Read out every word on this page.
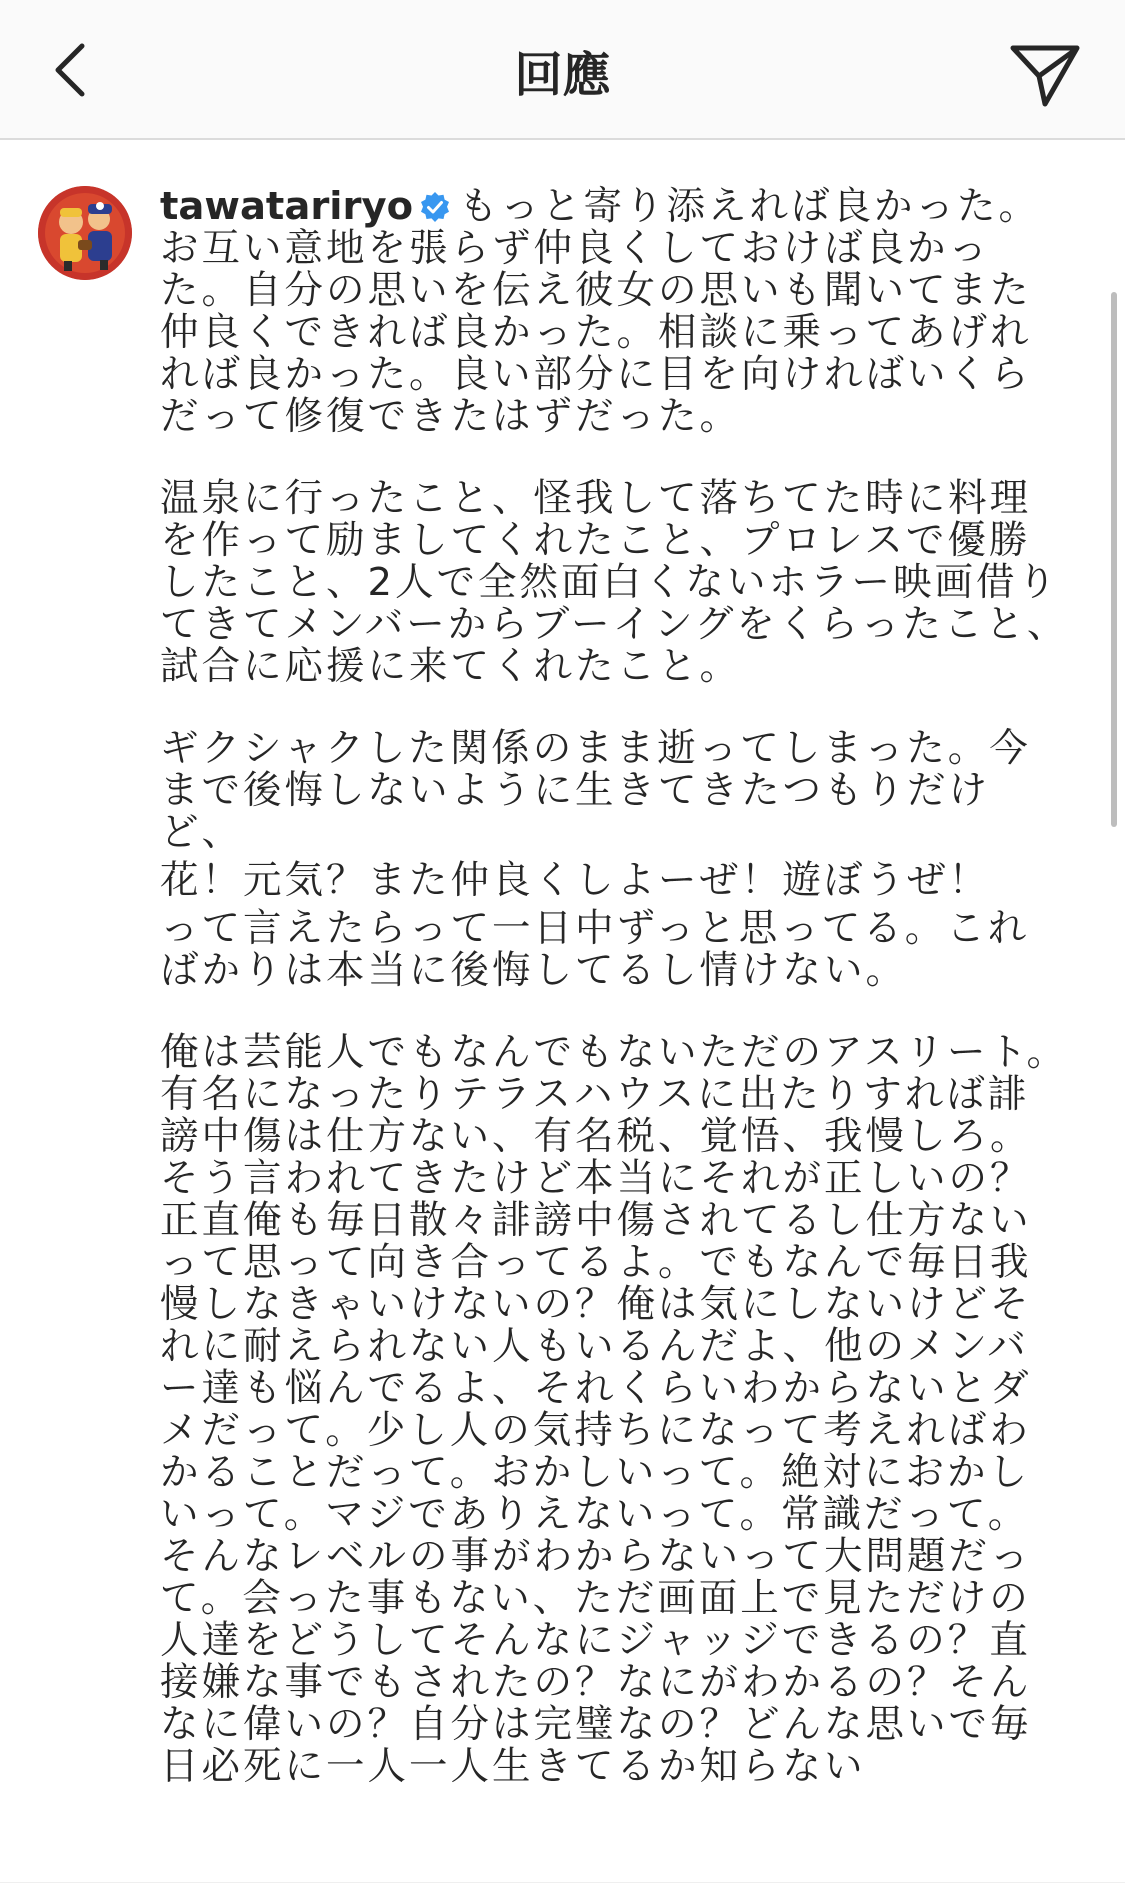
回應

tawatariryo もっと寄り添えれば良かった。お互い意地を張らず仲良くしておけば良かった。自分の思いを伝え彼女の思いも聞いてまた仲良くできれば良かった。相談に乗ってあげれれば良かった。良い部分に目を向ければいくらだって修復できたはずだった。

温泉に行ったこと、怪我して落ちてた時に料理を作って励ましてくれたこと、プロレスで優勝したこと、2人で全然面白くないホラー映画借りてきてメンバーからブーイングをくらったこと、試合に応援に来てくれたこと。

ギクシャクした関係のまま逝ってしまった。今まで後悔しないように生きてきたつもりだけど、

花！元気？また仲良くしよーぜ！遊ぼうぜ！

って言えたらって一日中ずっと思ってる。こればかりは本当に後悔してるし情けない。

俺は芸能人でもなんでもないただのアスリート。有名になったりテラスハウスに出たりすれば誹謗中傷は仕方ない、有名税、覚悟、我慢しろ。そう言われてきたけど本当にそれが正しいの？正直俺も毎日散々誹謗中傷されてるし仕方ないって思って向き合ってるよ。でもなんで毎日我慢しなきゃいけないの？俺は気にしないけどそれに耐えられない人もいるんだよ、他のメンバー達も悩んでるよ、それくらいわからないとダメだって。少し人の気持ちになって考えればわかることだって。おかしいって。絶対におかしいって。マジでありえないって。常識だって。そんなレベルの事がわからないって大問題だって。会った事もない、ただ画面上で見ただけの人達をどうしてそんなにジャッジできるの？直接嫌な事でもされたの？なにがわかるの？そんなに偉いの？自分は完璧なの？どんな思いで毎日必死に一人一人生きてるか知らない
